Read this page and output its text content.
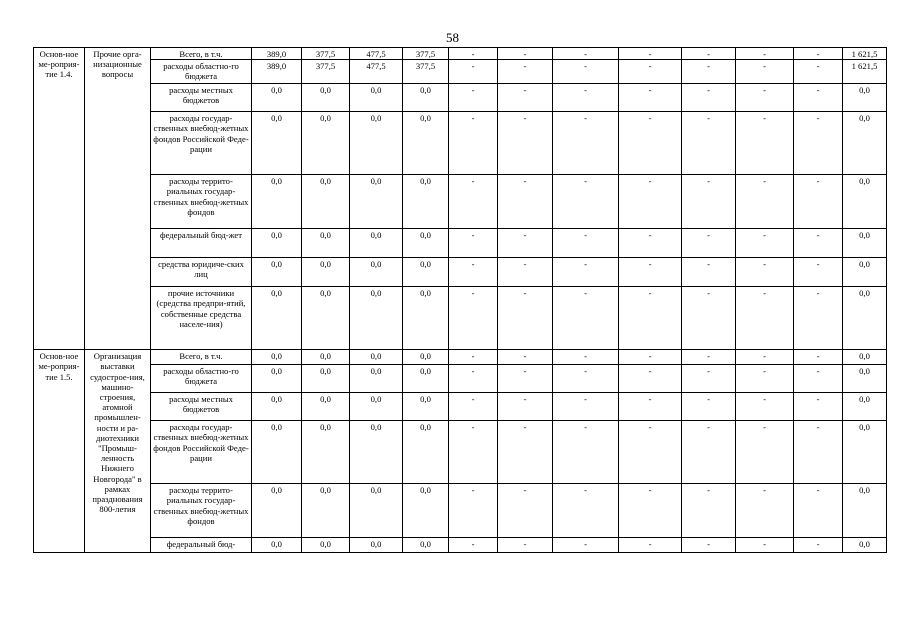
58
Основ-ное ме-роприя-тие 1.4.	Прочие орга-низационные вопросы	Всего, в т.ч.	389,0	377,5	477,5	377,5	-	-	-	-	-	-	-	1 621,5
		расходы областно-го бюджета	389,0	377,5	477,5	377,5	-	-	-	-	-	-	-	1 621,5
		расходы местных бюджетов	0,0	0,0	0,0	0,0	-	-	-	-	-	-	-	0,0
		расходы государ-ственных внебюд-жетных фондов Российской Феде-рации	0,0	0,0	0,0	0,0	-	-	-	-	-	-	-	0,0
		расходы террито-риальных государ-ственных внебюд-жетных фондов	0,0	0,0	0,0	0,0	-	-	-	-	-	-	-	0,0
		федеральный бюд-жет	0,0	0,0	0,0	0,0	-	-	-	-	-	-	-	0,0
		средства юридиче-ских лиц	0,0	0,0	0,0	0,0	-	-	-	-	-	-	-	0,0
		прочие источники (средства предпри-ятий, собственные средства населе-ния)	0,0	0,0	0,0	0,0	-	-	-	-	-	-	-	0,0
Основ-ное ме-роприя-тие 1.5.	Организация выставки судострое-ния, машино-строения, атомной промышлен-ности и ра-диотехники "Промыш-ленность Нижнего Новгорода" в рамках празднования 800-летия	Всего, в т.ч.	0,0	0,0	0,0	0,0	-	-	-	-	-	-	-	0,0
		расходы областно-го бюджета	0,0	0,0	0,0	0,0	-	-	-	-	-	-	-	0,0
		расходы местных бюджетов	0,0	0,0	0,0	0,0	-	-	-	-	-	-	-	0,0
		расходы государ-ственных внебюд-жетных фондов Российской Феде-рации	0,0	0,0	0,0	0,0	-	-	-	-	-	-	-	0,0
		расходы террито-риальных государ-ственных внебюд-жетных фондов	0,0	0,0	0,0	0,0	-	-	-	-	-	-	-	0,0
		федеральный бюд-	0,0	0,0	0,0	0,0	-	-	-	-	-	-	-	0,0
